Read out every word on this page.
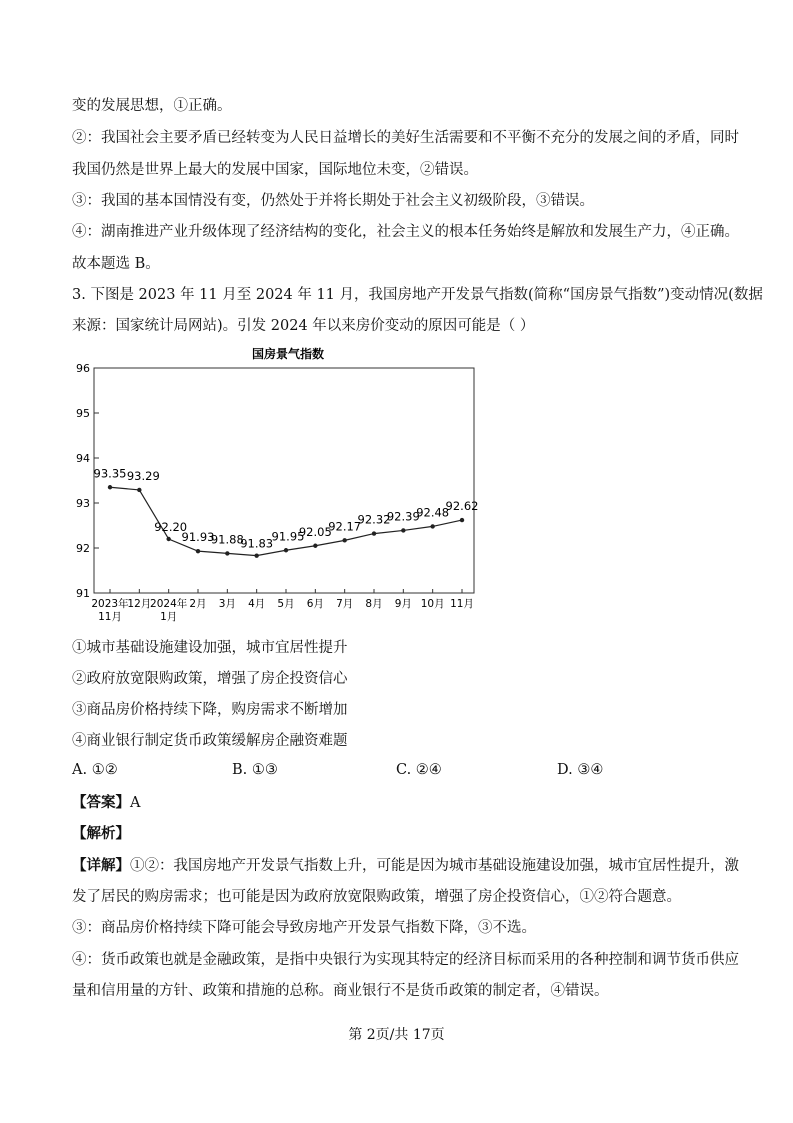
变的发展思想，①正确。
②：我国社会主要矛盾已经转变为人民日益增长的美好生活需要和不平衡不充分的发展之间的矛盾，同时
我国仍然是世界上最大的发展中国家，国际地位未变，②错误。
③：我国的基本国情没有变，仍然处于并将长期处于社会主义初级阶段，③错误。
④：湖南推进产业升级体现了经济结构的变化，社会主义的根本任务始终是解放和发展生产力，④正确。
故本题选 B。
3. 下图是 2023 年 11 月至 2024 年 11 月，我国房地产开发景气指数(简称“国房景气指数”)变动情况(数据
来源：国家统计局网站)。引发 2024 年以来房价变动的原因可能是（ ）
国房景气指数
91
92
93
94
95
96
2023年
11月
12月
2024年
1月
2月 3月 4月 5月 6月 7月 8月 9月 10月 11月
93.35 93.29
92.20
91.93
91.88
91.83
91.95
92.05
92.17
92.32
92.39
92.48
92.62
①城市基础设施建设加强，城市宜居性提升
②政府放宽限购政策，增强了房企投资信心
③商品房价格持续下降，购房需求不断增加
④商业银行制定货币政策缓解房企融资难题
A. ①②	B. ①③	C. ②④	D. ③④
【答案】A
【解析】
【详解】①②：我国房地产开发景气指数上升，可能是因为城市基础设施建设加强，城市宜居性提升，激
发了居民的购房需求；也可能是因为政府放宽限购政策，增强了房企投资信心，①②符合题意。
③：商品房价格持续下降可能会导致房地产开发景气指数下降，③不选。
④：货币政策也就是金融政策，是指中央银行为实现其特定的经济目标而采用的各种控制和调节货币供应
量和信用量的方针、政策和措施的总称。商业银行不是货币政策的制定者，④错误。
第 2页/共 17页
